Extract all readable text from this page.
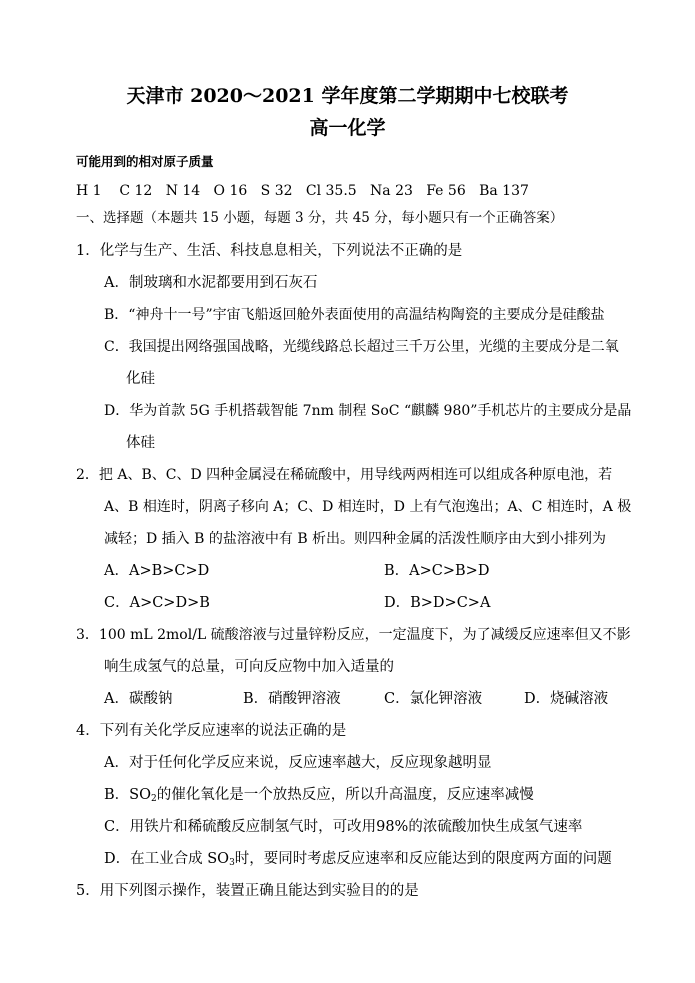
天津市 2020～2021 学年度第二学期期中七校联考
高一化学
可能用到的相对原子质量
H 1    C 12   N 14   O 16   S 32   Cl 35.5   Na 23   Fe 56   Ba 137
一、选择题（本题共 15 小题，每题 3 分，共 45 分，每小题只有一个正确答案）
1．化学与生产、生活、科技息息相关，下列说法不正确的是
A．制玻璃和水泥都要用到石灰石
B．“神舟十一号”宇宙飞船返回舱外表面使用的高温结构陶瓷的主要成分是硅酸盐
C．我国提出网络强国战略，光缆线路总长超过三千万公里，光缆的主要成分是二氧
化硅
D．华为首款 5G 手机搭载智能 7nm 制程 SoC “麒麟 980”手机芯片的主要成分是晶
体硅
2．把 A、B、C、D 四种金属浸在稀硫酸中，用导线两两相连可以组成各种原电池，若
A、B 相连时，阴离子移向 A；C、D 相连时，D 上有气泡逸出；A、C 相连时，A 极
减轻；D 插入 B 的盐溶液中有 B 析出。则四种金属的活泼性顺序由大到小排列为
A．A>B>C>D	B．A>C>B>D
C．A>C>D>B	D．B>D>C>A
3．100 mL 2mol/L 硫酸溶液与过量锌粉反应，一定温度下，为了减缓反应速率但又不影
响生成氢气的总量，可向反应物中加入适量的
A．碳酸钠	B．硝酸钾溶液	C．氯化钾溶液	D．烧碱溶液
4．下列有关化学反应速率的说法正确的是
A．对于任何化学反应来说，反应速率越大，反应现象越明显
B．$SO_2$的催化氧化是一个放热反应，所以升高温度，反应速率减慢
C．用铁片和稀硫酸反应制氢气时，可改用98%的浓硫酸加快生成氢气速率
D．在工业合成 $SO_3$时，要同时考虑反应速率和反应能达到的限度两方面的问题
5．用下列图示操作，装置正确且能达到实验目的的是
